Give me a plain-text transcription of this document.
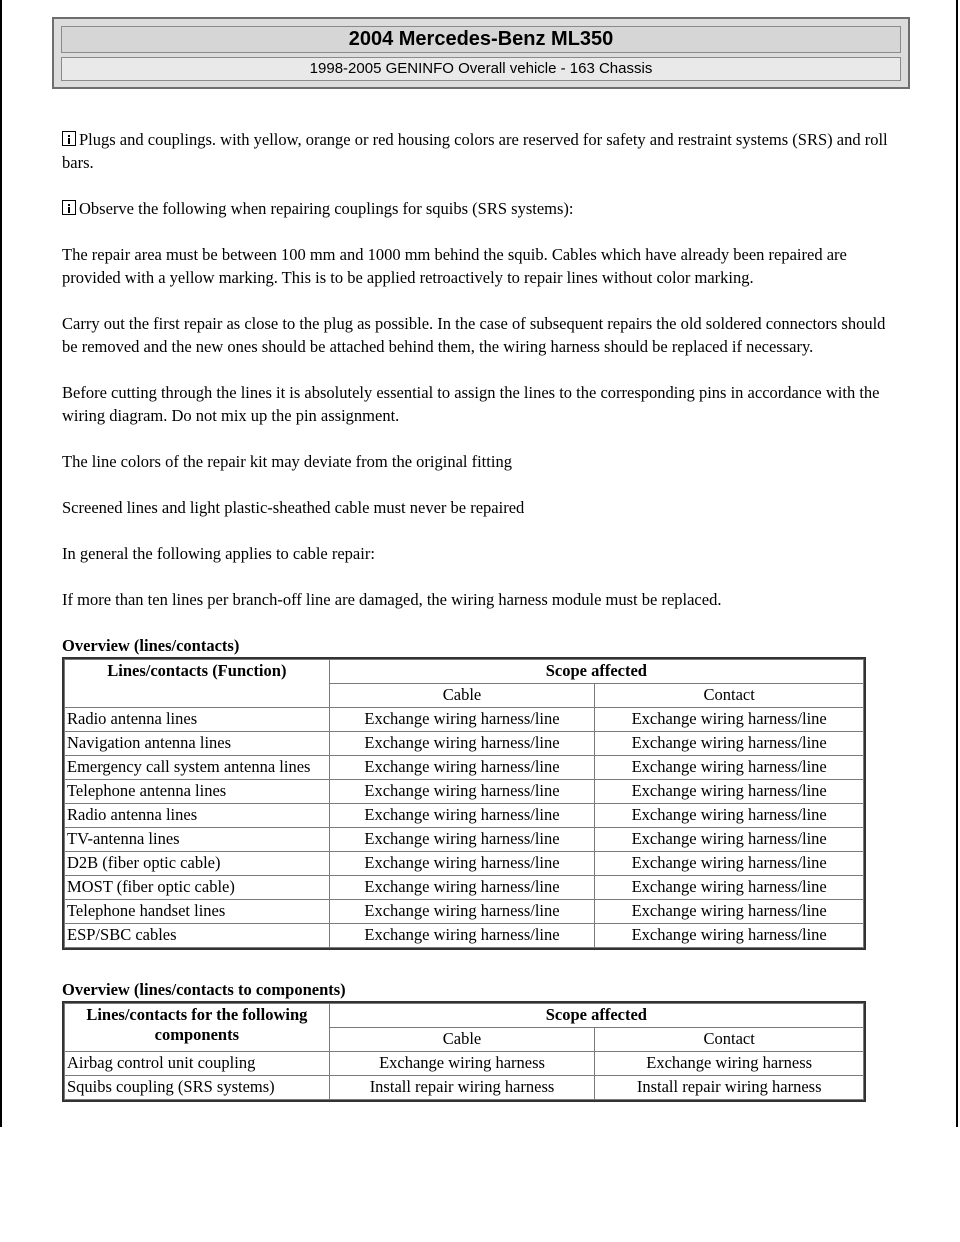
2004 Mercedes-Benz ML350
1998-2005 GENINFO Overall vehicle - 163 Chassis

Plugs and couplings. with yellow, orange or red housing colors are reserved for safety and restraint systems (SRS) and roll bars.

Observe the following when repairing couplings for squibs (SRS systems):

The repair area must be between 100 mm and 1000 mm behind the squib. Cables which have already been repaired are provided with a yellow marking. This is to be applied retroactively to repair lines without color marking.

Carry out the first repair as close to the plug as possible. In the case of subsequent repairs the old soldered connectors should be removed and the new ones should be attached behind them, the wiring harness should be replaced if necessary.

Before cutting through the lines it is absolutely essential to assign the lines to the corresponding pins in accordance with the wiring diagram. Do not mix up the pin assignment.

The line colors of the repair kit may deviate from the original fitting

Screened lines and light plastic-sheathed cable must never be repaired

In general the following applies to cable repair:

If more than ten lines per branch-off line are damaged, the wiring harness module must be replaced.

Overview (lines/contacts)
Lines/contacts (Function)	Scope affected	
	Cable	Contact
Radio antenna lines	Exchange wiring harness/line	Exchange wiring harness/line
Navigation antenna lines	Exchange wiring harness/line	Exchange wiring harness/line
Emergency call system antenna lines	Exchange wiring harness/line	Exchange wiring harness/line
Telephone antenna lines	Exchange wiring harness/line	Exchange wiring harness/line
Radio antenna lines	Exchange wiring harness/line	Exchange wiring harness/line
TV-antenna lines	Exchange wiring harness/line	Exchange wiring harness/line
D2B (fiber optic cable)	Exchange wiring harness/line	Exchange wiring harness/line
MOST (fiber optic cable)	Exchange wiring harness/line	Exchange wiring harness/line
Telephone handset lines	Exchange wiring harness/line	Exchange wiring harness/line
ESP/SBC cables	Exchange wiring harness/line	Exchange wiring harness/line
Overview (lines/contacts to components)
Lines/contacts for the following components	Scope affected	
	Cable	Contact
Airbag control unit coupling	Exchange wiring harness	Exchange wiring harness
Squibs coupling (SRS systems)	Install repair wiring harness	Install repair wiring harness
